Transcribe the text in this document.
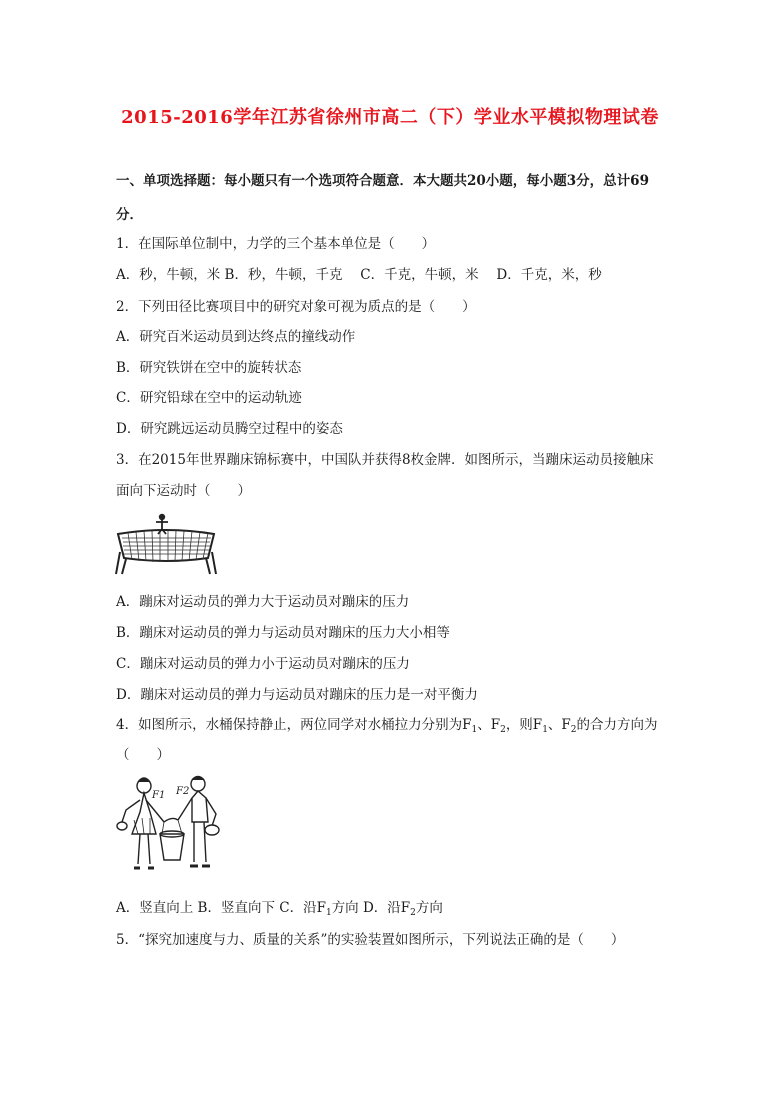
2015-2016学年江苏省徐州市高二（下）学业水平模拟物理试卷
一、单项选择题：每小题只有一个选项符合题意．本大题共20小题，每小题3分，总计69
分．
1．在国际单位制中，力学的三个基本单位是（　　）
A．秒，牛顿，米 B．秒，牛顿，千克　 C．千克，牛顿，米　 D．千克，米，秒
2．下列田径比赛项目中的研究对象可视为质点的是（　　）
A．研究百米运动员到达终点的撞线动作
B．研究铁饼在空中的旋转状态
C．研究铅球在空中的运动轨迹
D．研究跳远运动员腾空过程中的姿态
3．在2015年世界蹦床锦标赛中，中国队并获得8枚金牌．如图所示，当蹦床运动员接触床
面向下运动时（　　）
A．蹦床对运动员的弹力大于运动员对蹦床的压力
B．蹦床对运动员的弹力与运动员对蹦床的压力大小相等
C．蹦床对运动员的弹力小于运动员对蹦床的压力
D．蹦床对运动员的弹力与运动员对蹦床的压力是一对平衡力
4．如图所示，水桶保持静止，两位同学对水桶拉力分别为$F_1$、$F_2$，则$F_1$、$F_2$的合力方向为
（　　）
F1 F2
A．竖直向上 B．竖直向下 C．沿$F_1$方向 D．沿$F_2$方向
5．“探究加速度与力、质量的关系”的实验装置如图所示，下列说法正确的是（　　）
